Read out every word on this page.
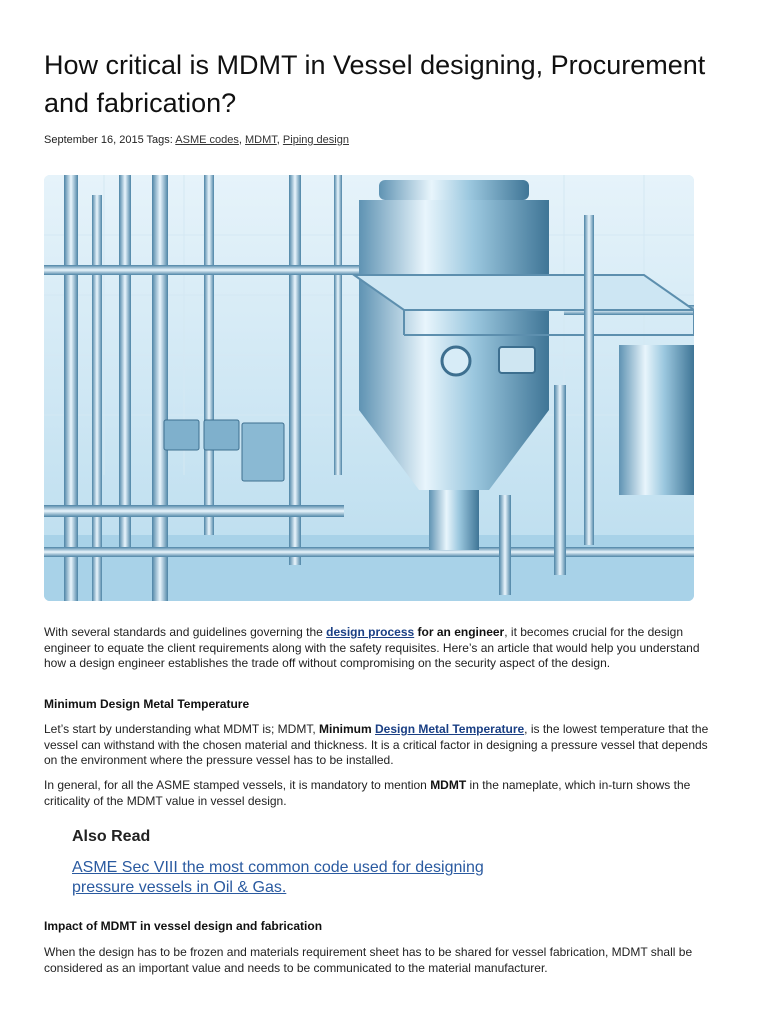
How critical is MDMT in Vessel designing, Procurement and fabrication?
September 16, 2015 Tags: ASME codes, MDMT, Piping design

With several standards and guidelines governing the design process for an engineer, it becomes crucial for the design engineer to equate the client requirements along with the safety requisites. Here’s an article that would help you understand how a design engineer establishes the trade off without compromising on the security aspect of the design.

Minimum Design Metal Temperature

Let’s start by understanding what MDMT is; MDMT, Minimum Design Metal Temperature, is the lowest temperature that the vessel can withstand with the chosen material and thickness. It is a critical factor in designing a pressure vessel that depends on the environment where the pressure vessel has to be installed.

In general, for all the ASME stamped vessels, it is mandatory to mention MDMT in the nameplate, which in-turn shows the criticality of the MDMT value in vessel design.

Also Read
ASME Sec VIII the most common code used for designing pressure vessels in Oil & Gas.
Impact of MDMT in vessel design and fabrication

When the design has to be frozen and materials requirement sheet has to be shared for vessel fabrication, MDMT shall be considered as an important value and needs to be communicated to the material manufacturer.
